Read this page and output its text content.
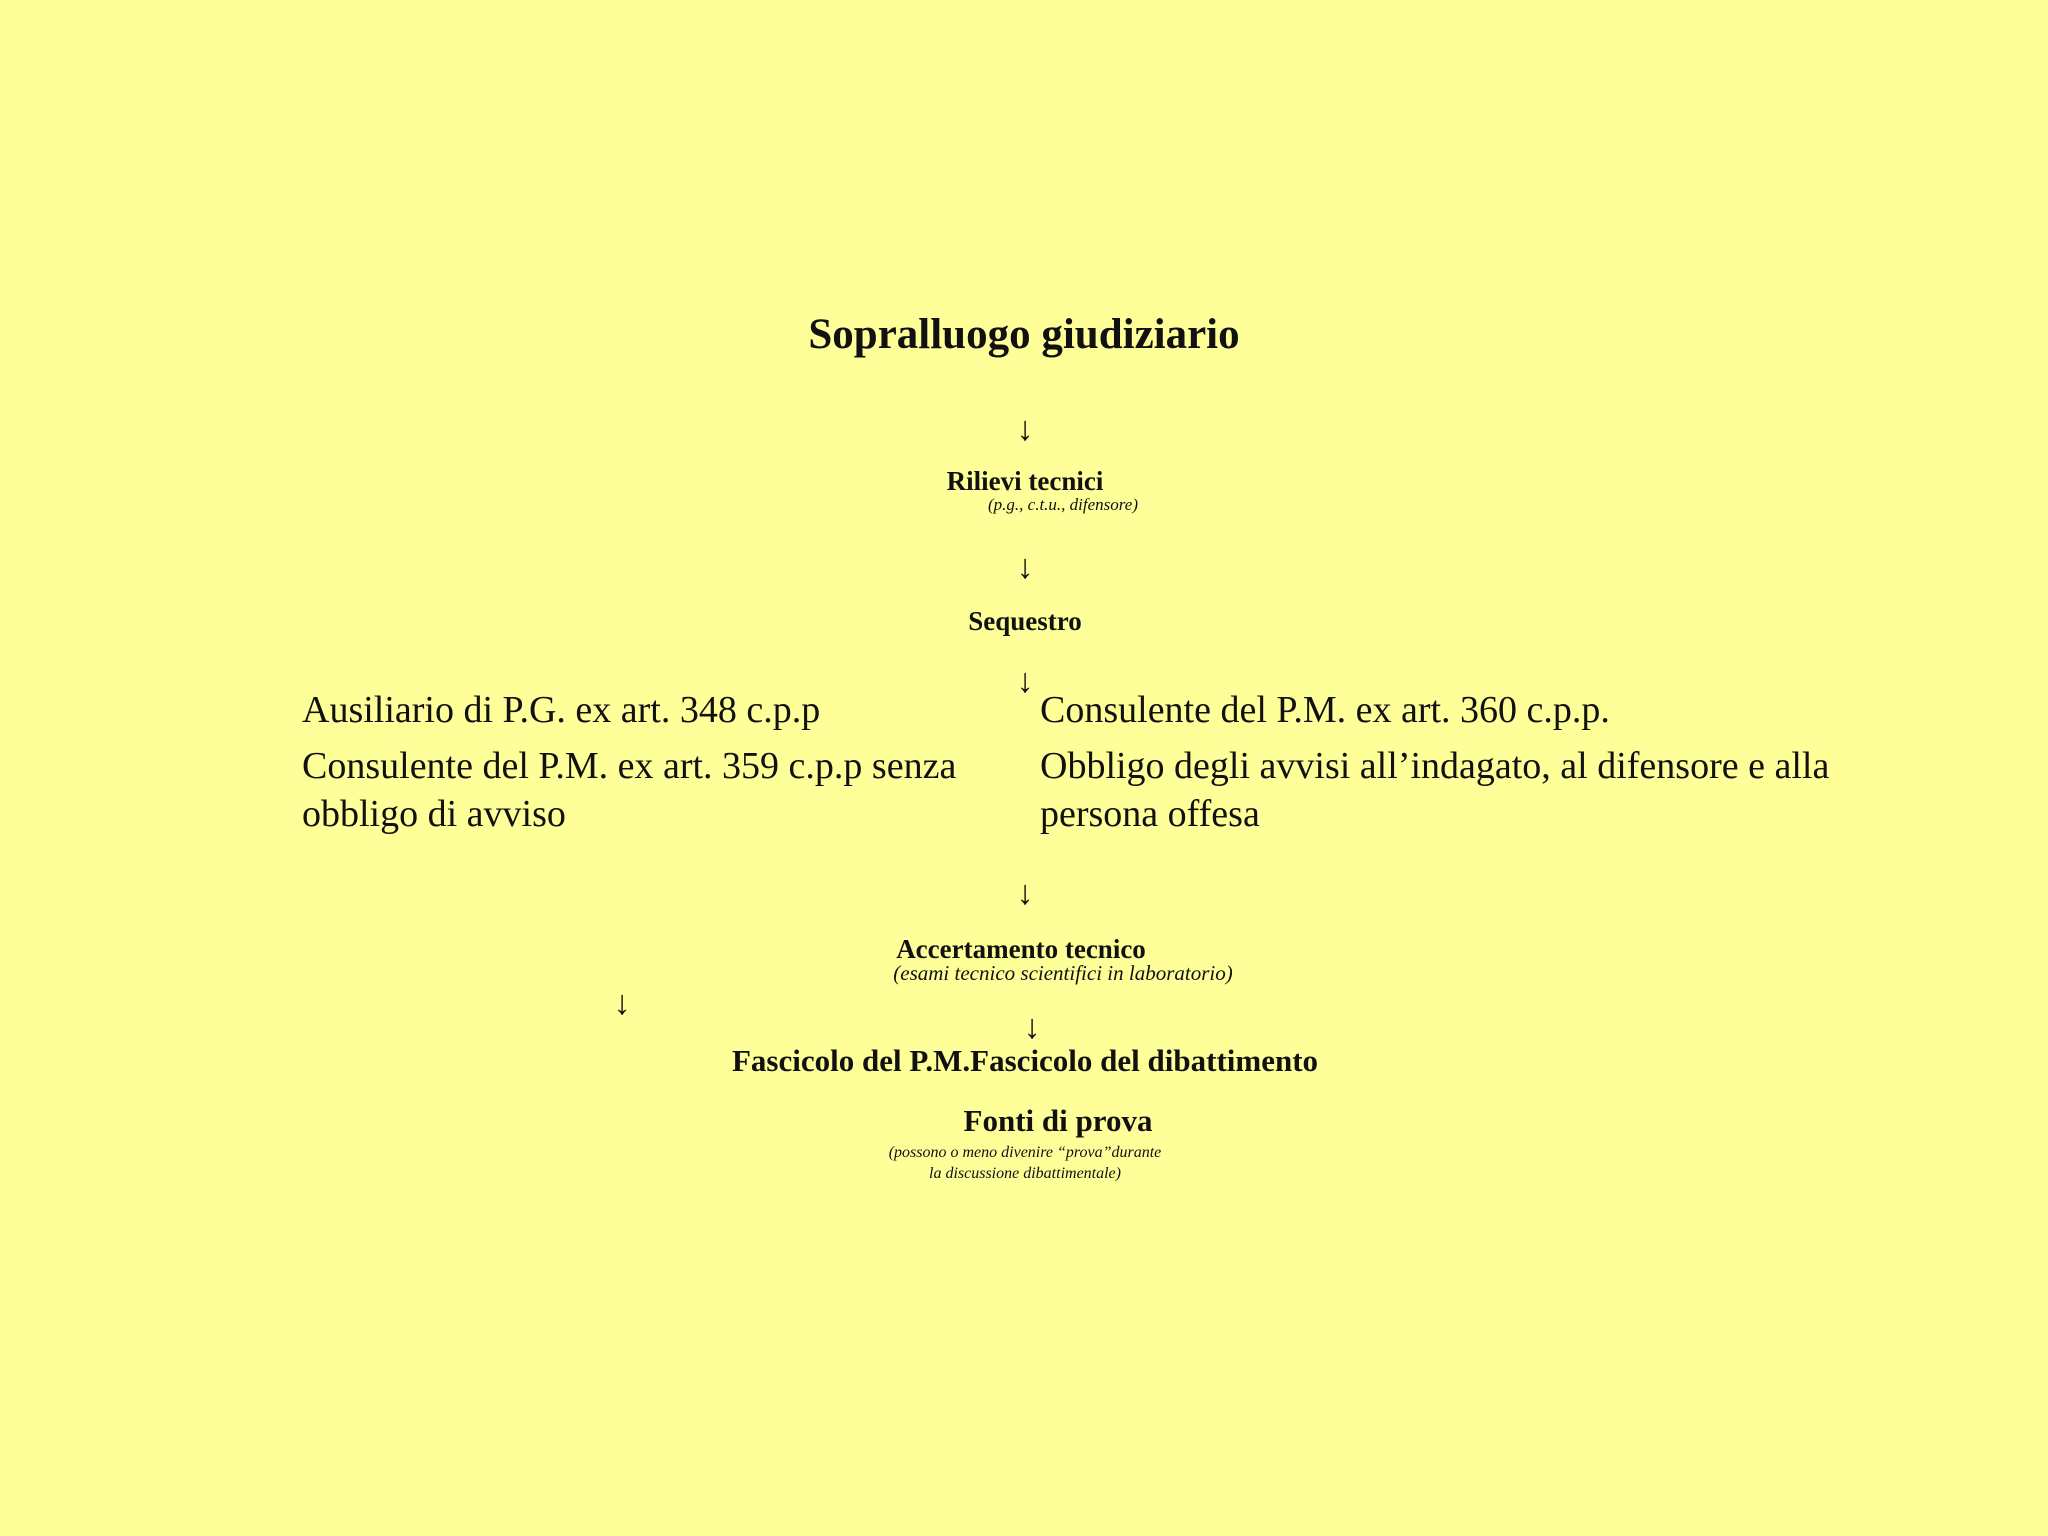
Sopralluogo giudiziario
↓
Rilievi tecnici
(p.g., c.t.u., difensore)
↓
Sequestro
↓
Ausiliario di P.G. ex art. 348 c.p.p
Consulente del P.M. ex art. 359 c.p.p senza obbligo di avviso
Consulente del P.M. ex art. 360 c.p.p.
Obbligo degli avvisi all’indagato, al difensore e alla persona offesa
↓
Accertamento tecnico
(esami tecnico scientifici in laboratorio)
↓
↓
Fascicolo del P.M.Fascicolo del dibattimento
Fonti di prova
(possono o meno divenire “prova”durante
la discussione dibattimentale)
